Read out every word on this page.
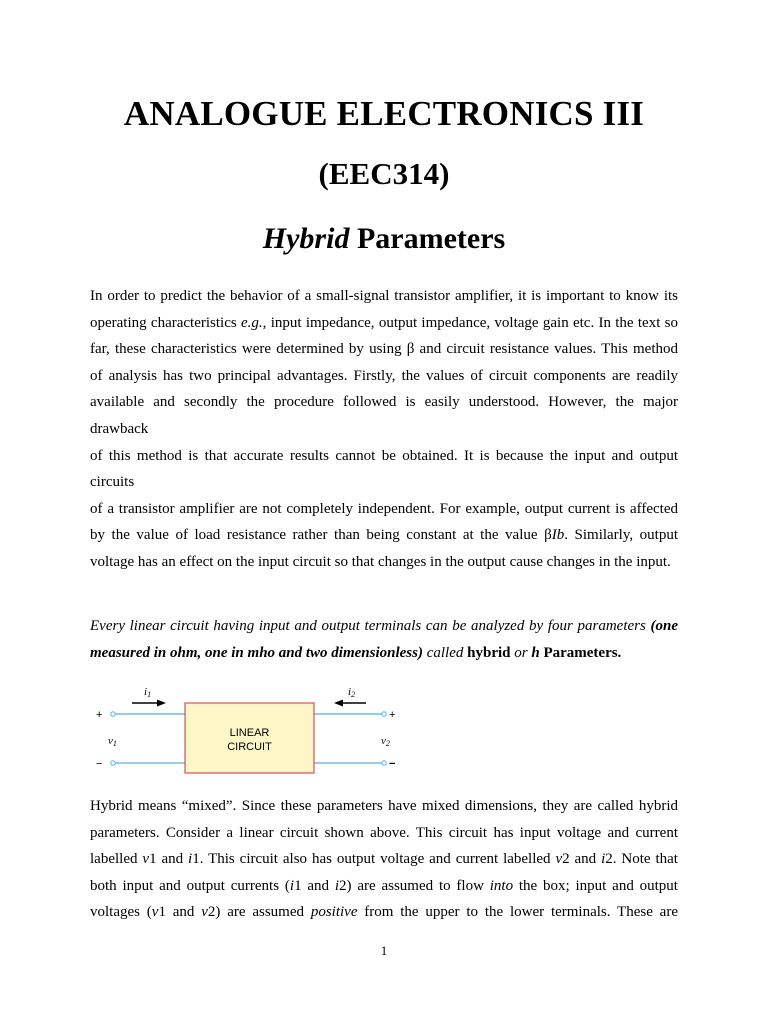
ANALOGUE ELECTRONICS III
(EEC314)
Hybrid Parameters
In order to predict the behavior of a small-signal transistor amplifier, it is important to know its
operating characteristics e.g., input impedance, output impedance, voltage gain etc. In the text so
far, these characteristics were determined by using β and circuit resistance values. This method
of analysis has two principal advantages. Firstly, the values of circuit components are readily
available and secondly the procedure followed is easily understood. However, the major
drawback
of this method is that accurate results cannot be obtained. It is because the input and output
circuits
of a transistor amplifier are not completely independent. For example, output current is affected
by the value of load resistance rather than being constant at the value βIb. Similarly, output
voltage has an effect on the input circuit so that changes in the output cause changes in the input.
Every linear circuit having input and output terminals can be analyzed by four parameters (one
measured in ohm, one in mho and two dimensionless) called hybrid or h Parameters.
LINEAR
CIRCUIT
i1	i2
v1	v2
+
−
+
−
Hybrid means “mixed”. Since these parameters have mixed dimensions, they are called hybrid
parameters. Consider a linear circuit shown above. This circuit has input voltage and current
labelled v1 and i1. This circuit also has output voltage and current labelled v2 and i2. Note that
both input and output currents (i1 and i2) are assumed to flow into the box; input and output
voltages (v1 and v2) are assumed positive from the upper to the lower terminals. These are
1
